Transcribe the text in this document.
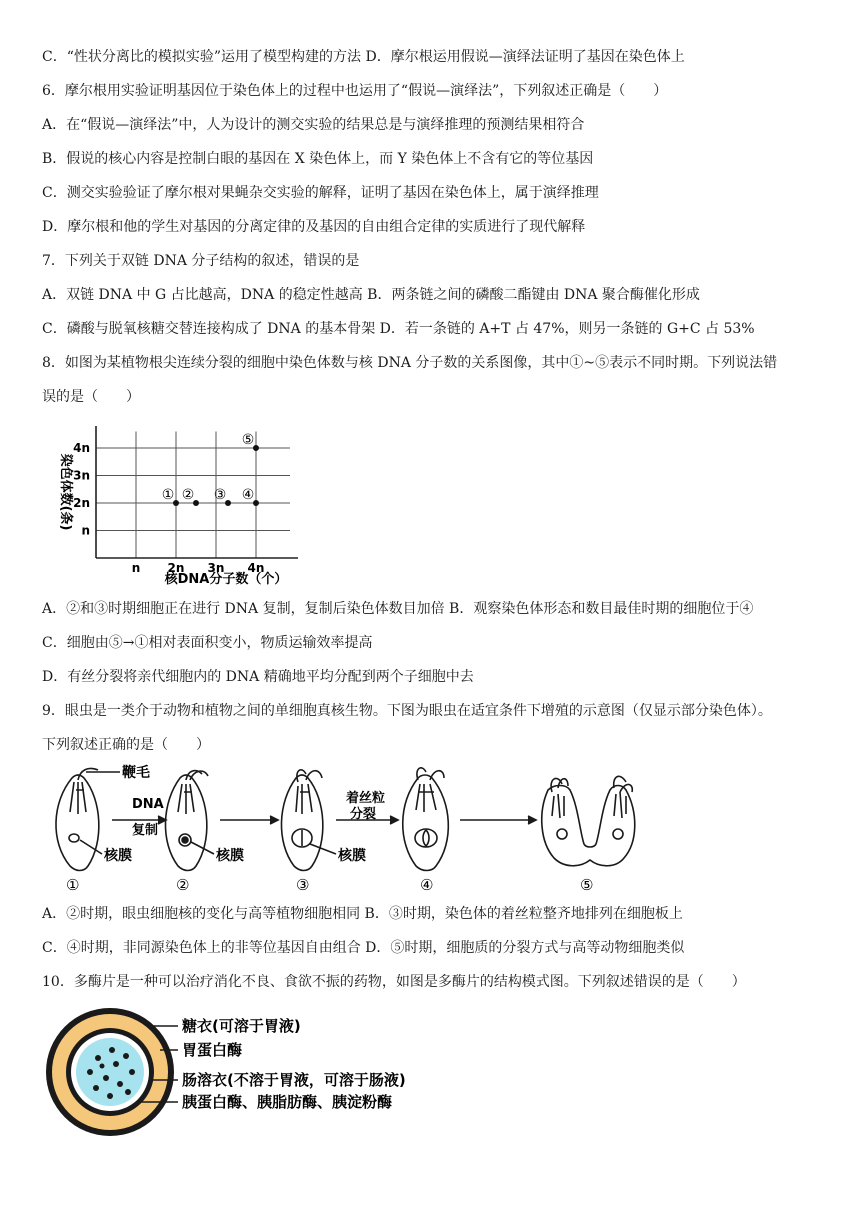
C．“性状分离比的模拟实验”运用了模型构建的方法 D．摩尔根运用假说—演绎法证明了基因在染色体上
6．摩尔根用实验证明基因位于染色体上的过程中也运用了“假说—演绎法”，下列叙述正确是（　　）
A．在“假说—演绎法”中，人为设计的测交实验的结果总是与演绎推理的预测结果相符合
B．假说的核心内容是控制白眼的基因在 X 染色体上，而 Y 染色体上不含有它的等位基因
C．测交实验验证了摩尔根对果蝇杂交实验的解释，证明了基因在染色体上，属于演绎推理
D．摩尔根和他的学生对基因的分离定律的及基因的自由组合定律的实质进行了现代解释
7．下列关于双链 DNA 分子结构的叙述，错误的是
A．双链 DNA 中 G 占比越高，DNA 的稳定性越高 B．两条链之间的磷酸二酯键由 DNA 聚合酶催化形成
C．磷酸与脱氧核糖交替连接构成了 DNA 的基本骨架 D．若一条链的 A+T 占 47%，则另一条链的 G+C 占 53%
8．如图为某植物根尖连续分裂的细胞中染色体数与核 DNA 分子数的关系图像，其中①~⑤表示不同时期。下列说法错
误的是（　　）
n
n
2n
2n
3n
3n
4n
4n
① ② ③ ④
⑤
核DNA分子数（个）
染色体数(条)
A．②和③时期细胞正在进行 DNA 复制，复制后染色体数目加倍 B．观察染色体形态和数目最佳时期的细胞位于④
C．细胞由⑤→①相对表面积变小，物质运输效率提高
D．有丝分裂将亲代细胞内的 DNA 精确地平均分配到两个子细胞中去
9．眼虫是一类介于动物和植物之间的单细胞真核生物。下图为眼虫在适宜条件下增殖的示意图（仅显示部分染色体）。
下列叙述正确的是（　　）
鞭毛
DNA
复制
核膜	核膜	核膜
着丝粒
分裂
①	②	③	④	⑤
A．②时期，眼虫细胞核的变化与高等植物细胞相同 B．③时期，染色体的着丝粒整齐地排列在细胞板上
C．④时期，非同源染色体上的非等位基因自由组合 D．⑤时期，细胞质的分裂方式与高等动物细胞类似
10．多酶片是一种可以治疗消化不良、食欲不振的药物，如图是多酶片的结构模式图。下列叙述错误的是（　　）
糖衣(可溶于胃液)
胃蛋白酶
肠溶衣(不溶于胃液，可溶于肠液)
胰蛋白酶、胰脂肪酶、胰淀粉酶
